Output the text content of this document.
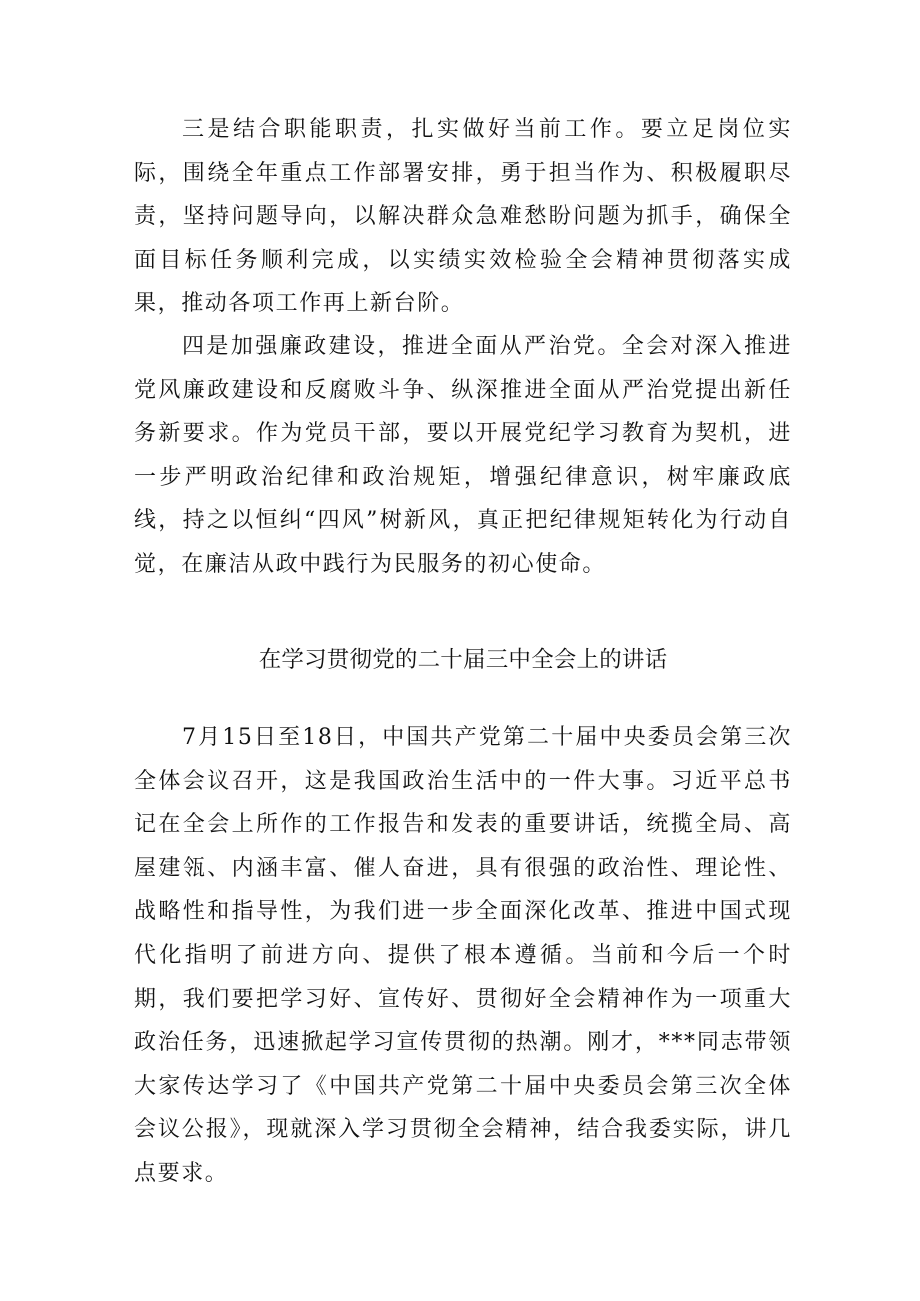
三是结合职能职责，扎实做好当前工作。要立足岗位实际，围绕全年重点工作部署安排，勇于担当作为、积极履职尽责，坚持问题导向，以解决群众急难愁盼问题为抓手，确保全面目标任务顺利完成，以实绩实效检验全会精神贯彻落实成果，推动各项工作再上新台阶。

四是加强廉政建设，推进全面从严治党。全会对深入推进党风廉政建设和反腐败斗争、纵深推进全面从严治党提出新任务新要求。作为党员干部，要以开展党纪学习教育为契机，进一步严明政治纪律和政治规矩，增强纪律意识，树牢廉政底线，持之以恒纠“四风”树新风，真正把纪律规矩转化为行动自觉，在廉洁从政中践行为民服务的初心使命。

在学习贯彻党的二十届三中全会上的讲话

7月15日至18日，中国共产党第二十届中央委员会第三次全体会议召开，这是我国政治生活中的一件大事。习近平总书记在全会上所作的工作报告和发表的重要讲话，统揽全局、高屋建瓴、内涵丰富、催人奋进，具有很强的政治性、理论性、战略性和指导性，为我们进一步全面深化改革、推进中国式现代化指明了前进方向、提供了根本遵循。当前和今后一个时期，我们要把学习好、宣传好、贯彻好全会精神作为一项重大政治任务，迅速掀起学习宣传贯彻的热潮。刚才，***同志带领大家传达学习了《中国共产党第二十届中央委员会第三次全体会议公报》，现就深入学习贯彻全会精神，结合我委实际，讲几点要求。
